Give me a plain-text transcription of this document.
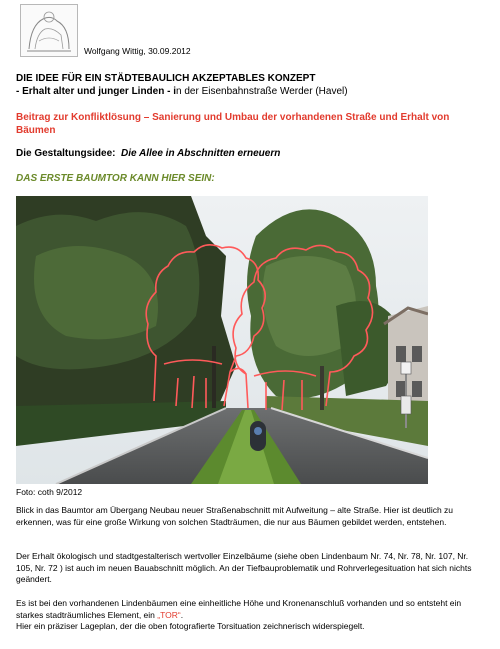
Wolfgang Wittig, 30.09.2012
DIE IDEE FÜR EIN STÄDTEBAULICH AKZEPTABLES KONZEPT
- Erhalt alter und junger Linden - in der Eisenbahnstraße Werder (Havel)
Beitrag zur Konfliktlösung – Sanierung und Umbau der vorhandenen Straße und Erhalt von Bäumen
Die Gestaltungsidee: Die Allee in Abschnitten erneuern
DAS ERSTE BAUMTOR KANN HIER SEIN:
Foto: coth 9/2012
Blick in das Baumtor am Übergang Neubau neuer Straßenabschnitt mit Aufweitung – alte Straße. Hier ist deutlich zu erkennen, was für eine große Wirkung von solchen Stadträumen, die nur aus Bäumen gebildet werden, entstehen.
Der Erhalt ökologisch und stadtgestalterisch wertvoller Einzelbäume (siehe oben Lindenbaum Nr. 74, Nr. 78, Nr. 107, Nr. 105, Nr. 72 ) ist auch im neuen Bauabschnitt möglich. An der Tiefbauproblematik und Rohrverlegesituation hat sich nichts geändert.
Es ist bei den vorhandenen Lindenbäumen eine einheitliche Höhe und Kronenanschluß vorhanden und so entsteht ein starkes stadträumliches Element, ein „TOR“.
Hier ein präziser Lageplan, der die oben fotografierte Torsituation zeichnerisch widerspiegelt.
